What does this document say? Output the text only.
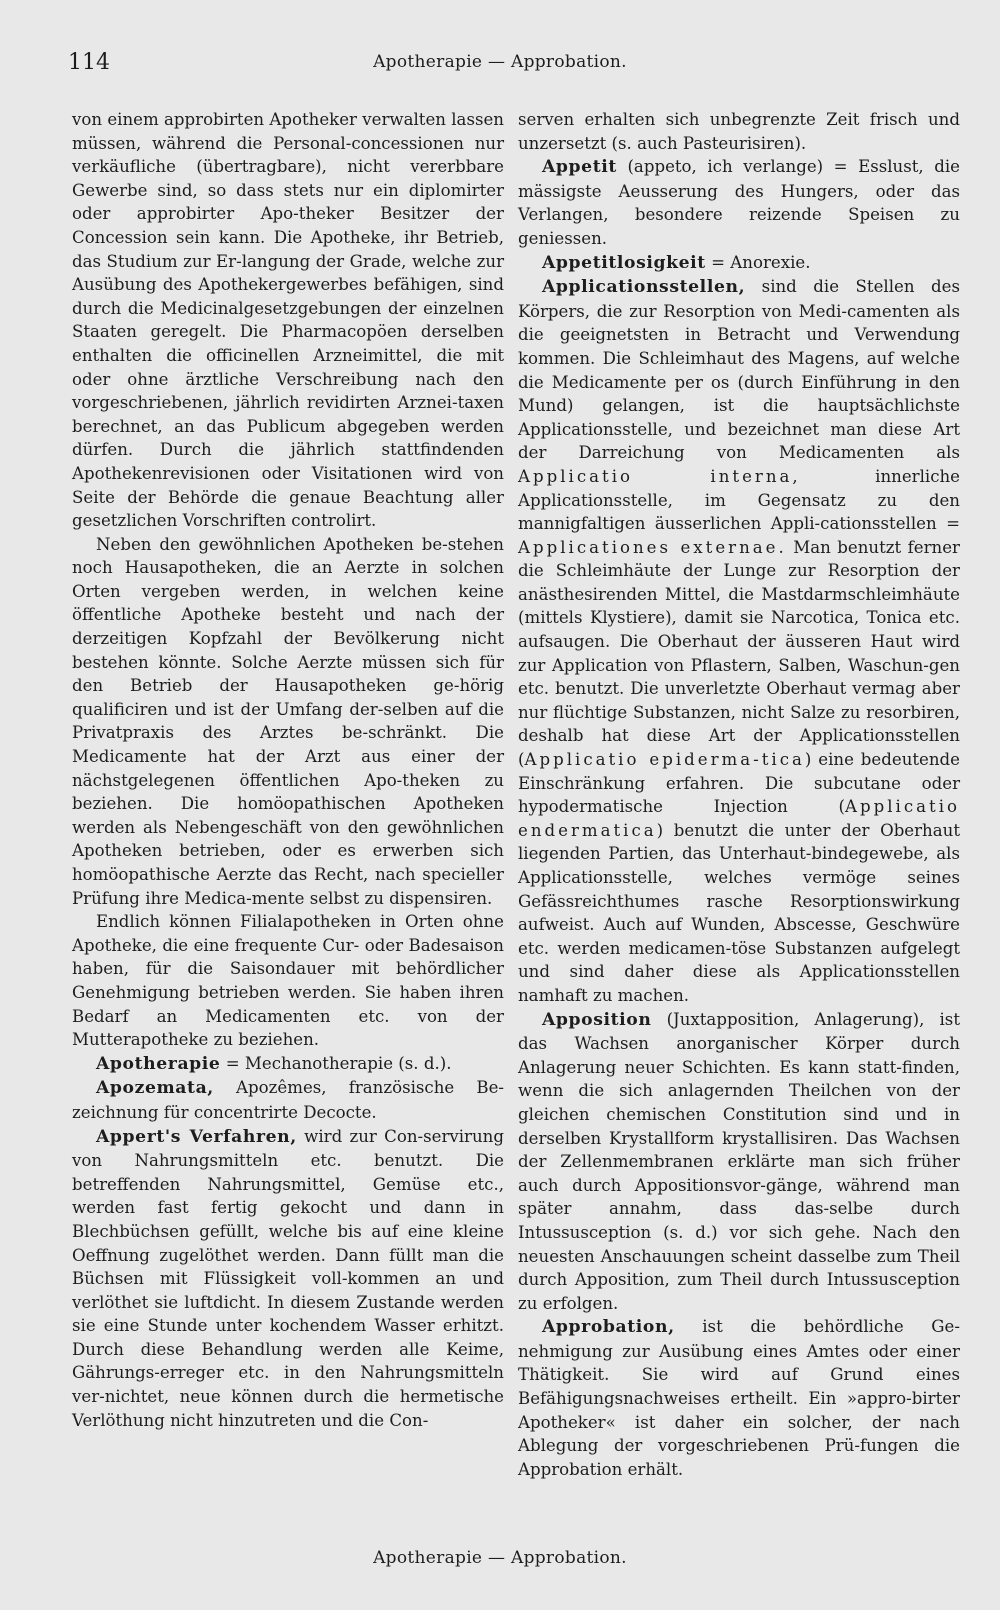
114	Apotherapie — Approbation.

von einem approbirten Apotheker verwalten lassen müssen, während die Personal-concessionen nur verkäufliche (übertragbare), nicht vererbbare Gewerbe sind, so dass stets nur ein diplomirter oder approbirter Apo-theker Besitzer der Concession sein kann. Die Apotheke, ihr Betrieb, das Studium zur Er-langung der Grade, welche zur Ausübung des Apothekergewerbes befähigen, sind durch die Medicinalgesetzgebungen der einzelnen Staaten geregelt. Die Pharmacopöen derselben enthalten die officinellen Arzneimittel, die mit oder ohne ärztliche Verschreibung nach den vorgeschriebenen, jährlich revidirten Arznei-taxen berechnet, an das Publicum abgegeben werden dürfen. Durch die jährlich stattfindenden Apothekenrevisionen oder Visitationen wird von Seite der Behörde die genaue Beachtung aller gesetzlichen Vorschriften controlirt.

Neben den gewöhnlichen Apotheken be-stehen noch Hausapotheken, die an Aerzte in solchen Orten vergeben werden, in welchen keine öffentliche Apotheke besteht und nach der derzeitigen Kopfzahl der Bevölkerung nicht bestehen könnte. Solche Aerzte müssen sich für den Betrieb der Hausapotheken ge-hörig qualificiren und ist der Umfang der-selben auf die Privatpraxis des Arztes be-schränkt. Die Medicamente hat der Arzt aus einer der nächstgelegenen öffentlichen Apo-theken zu beziehen. Die homöopathischen Apotheken werden als Nebengeschäft von den gewöhnlichen Apotheken betrieben, oder es erwerben sich homöopathische Aerzte das Recht, nach specieller Prüfung ihre Medica-mente selbst zu dispensiren.

Endlich können Filialapotheken in Orten ohne Apotheke, die eine frequente Cur- oder Badesaison haben, für die Saisondauer mit behördlicher Genehmigung betrieben werden. Sie haben ihren Bedarf an Medicamenten etc. von der Mutterapotheke zu beziehen.

Apotherapie = Mechanotherapie (s. d.).

Apozemata, Apozêmes, französische Be-zeichnung für concentrirte Decocte.

Appert's Verfahren, wird zur Con-servirung von Nahrungsmitteln etc. benutzt. Die betreffenden Nahrungsmittel, Gemüse etc., werden fast fertig gekocht und dann in Blechbüchsen gefüllt, welche bis auf eine kleine Oeffnung zugelöthet werden. Dann füllt man die Büchsen mit Flüssigkeit voll-kommen an und verlöthet sie luftdicht. In diesem Zustande werden sie eine Stunde unter kochendem Wasser erhitzt. Durch diese Behandlung werden alle Keime, Gährungs-erreger etc. in den Nahrungsmitteln ver-nichtet, neue können durch die hermetische Verlöthung nicht hinzutreten und die Con-

serven erhalten sich unbegrenzte Zeit frisch und unzersetzt (s. auch Pasteurisiren).

Appetit (appeto, ich verlange) = Esslust, die mässigste Aeusserung des Hungers, oder das Verlangen, besondere reizende Speisen zu geniessen.

Appetitlosigkeit = Anorexie.

Applicationsstellen, sind die Stellen des Körpers, die zur Resorption von Medi-camenten als die geeignetsten in Betracht und Verwendung kommen. Die Schleimhaut des Magens, auf welche die Medicamente per os (durch Einführung in den Mund) gelangen, ist die hauptsächlichste Applicationsstelle, und bezeichnet man diese Art der Darreichung von Medicamenten als Applicatio interna, innerliche Applicationsstelle, im Gegensatz zu den mannigfaltigen äusserlichen Appli-cationsstellen = Applicationes externae. Man benutzt ferner die Schleimhäute der Lunge zur Resorption der anästhesirenden Mittel, die Mastdarmschleimhäute (mittels Klystiere), damit sie Narcotica, Tonica etc. aufsaugen. Die Oberhaut der äusseren Haut wird zur Application von Pflastern, Salben, Waschun-gen etc. benutzt. Die unverletzte Oberhaut vermag aber nur flüchtige Substanzen, nicht Salze zu resorbiren, deshalb hat diese Art der Applicationsstellen (Applicatio epiderma-tica) eine bedeutende Einschränkung erfahren. Die subcutane oder hypodermatische Injection (Applicatio endermatica) benutzt die unter der Oberhaut liegenden Partien, das Unterhaut-bindegewebe, als Applicationsstelle, welches vermöge seines Gefässreichthumes rasche Resorptionswirkung aufweist. Auch auf Wunden, Abscesse, Geschwüre etc. werden medicamen-töse Substanzen aufgelegt und sind daher diese als Applicationsstellen namhaft zu machen.

Apposition (Juxtapposition, Anlagerung), ist das Wachsen anorganischer Körper durch Anlagerung neuer Schichten. Es kann statt-finden, wenn die sich anlagernden Theilchen von der gleichen chemischen Constitution sind und in derselben Krystallform krystallisiren. Das Wachsen der Zellenmembranen erklärte man sich früher auch durch Appositionsvor-gänge, während man später annahm, dass das-selbe durch Intussusception (s. d.) vor sich gehe. Nach den neuesten Anschauungen scheint dasselbe zum Theil durch Apposition, zum Theil durch Intussusception zu erfolgen.

Approbation, ist die behördliche Ge-nehmigung zur Ausübung eines Amtes oder einer Thätigkeit. Sie wird auf Grund eines Befähigungsnachweises ertheilt. Ein »appro-birter Apotheker« ist daher ein solcher, der nach Ablegung der vorgeschriebenen Prü-fungen die Approbation erhält.

Apotherapie — Approbation.
